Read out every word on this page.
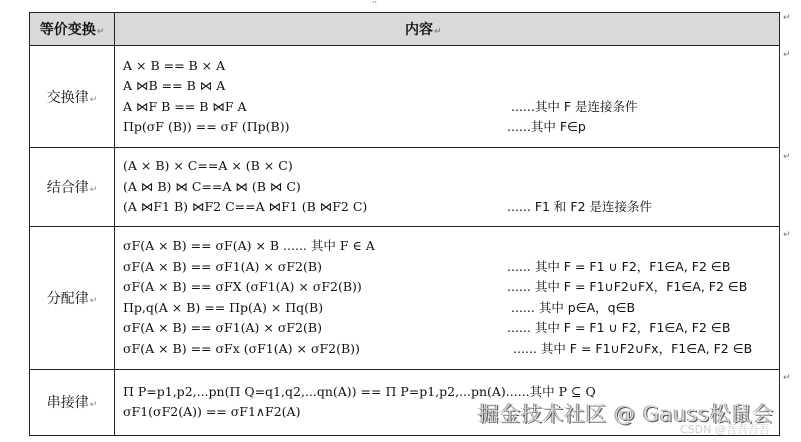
··
等价变换↵	内容↵
交换律↵	
A × B == B × A
A ⋈B == B ⋈ A
A ⋈F B == B ⋈F A	......其中 F 是连接条件
Πp(σF (B)) == σF (Πp(B))	......其中 F∈p

结合律↵	(A × B) × C==A × (B × C)
(A ⋈ B) ⋈ C==A ⋈ (B ⋈ C)
(A ⋈F1 B) ⋈F2 C==A ⋈F1 (B ⋈F2 C) ...... F1 和 F2 是连接条件

分配律↵	
σF(A × B) == σF(A) × B ...... 其中 F ∈ A
σF(A × B) == σF1(A) × σF2(B)	...... 其中 F = F1 ∪ F2，F1∈A, F2 ∈B
σF(A × B) == σFX (σF1(A) × σF2(B))	...... 其中 F = F1∪F2∪FX，F1∈A, F2 ∈B
Πp,q(A × B) == Πp(A) × Πq(B)	...... 其中 p∈A，q∈B
σF(A × B) == σF1(A) × σF2(B)	...... 其中 F = F1 ∪ F2，F1∈A, F2 ∈B
σF(A × B) == σFx (σF1(A) × σF2(B))	...... 其中 F = F1∪F2∪Fx，F1∈A, F2 ∈B

串接律↵	Π P=p1,p2,...pn(Π Q=q1,q2,...qn(A)) == Π P=p1,p2,...pn(A)......其中 P ⊆ Q
σF1(σF2(A)) == σF1∧F2(A)
↵
↵
↵
↵
↵
掘金技术社区 @ Gauss松鼠会
CSDN @吾吾吾吾
